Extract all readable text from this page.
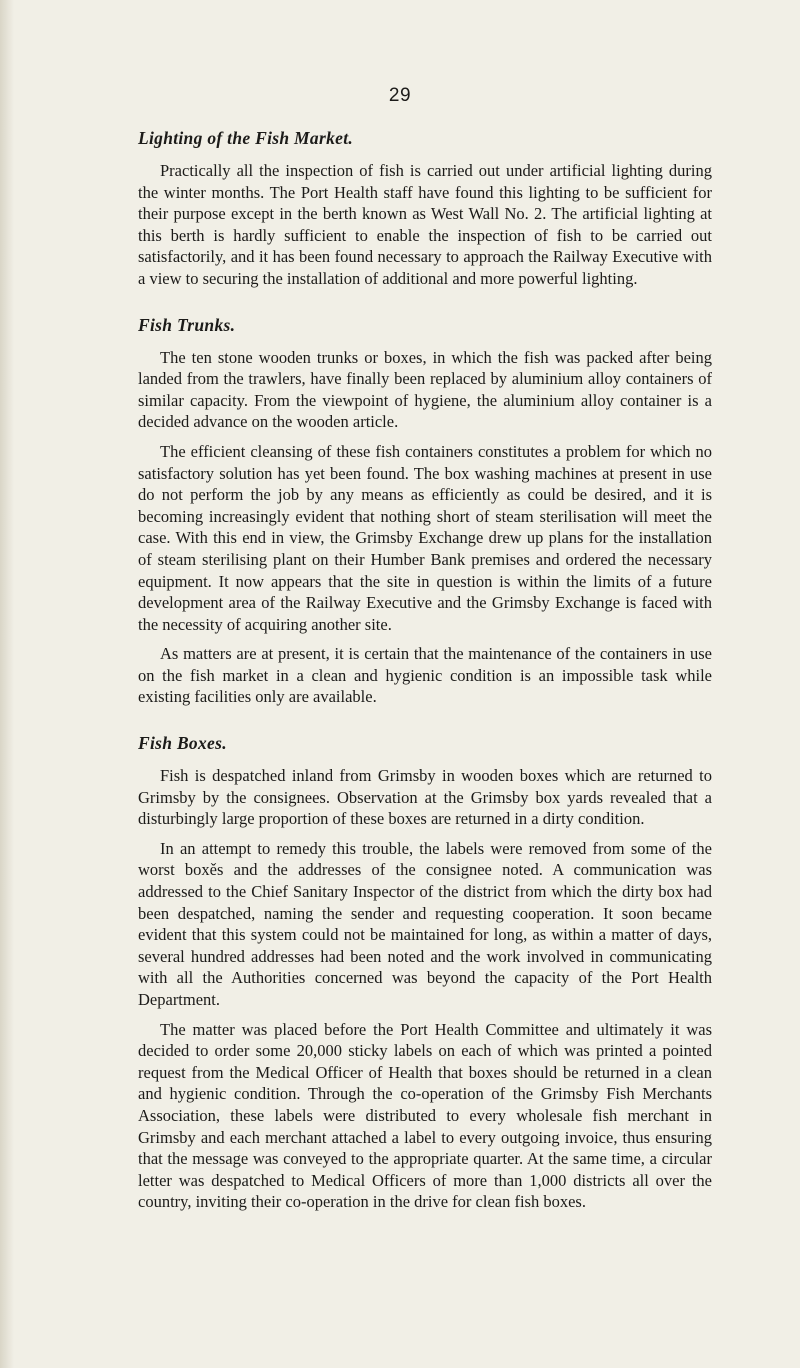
29
Lighting of the Fish Market.

Practically all the inspection of fish is carried out under artificial lighting during the winter months. The Port Health staff have found this lighting to be sufficient for their purpose except in the berth known as West Wall No. 2. The artificial lighting at this berth is hardly sufficient to enable the inspection of fish to be carried out satisfactorily, and it has been found necessary to approach the Railway Executive with a view to securing the installation of additional and more powerful lighting.

Fish Trunks.

The ten stone wooden trunks or boxes, in which the fish was packed after being landed from the trawlers, have finally been replaced by aluminium alloy containers of similar capacity. From the viewpoint of hygiene, the aluminium alloy container is a decided advance on the wooden article.

The efficient cleansing of these fish containers constitutes a problem for which no satisfactory solution has yet been found. The box washing machines at present in use do not perform the job by any means as efficiently as could be desired, and it is becoming increasingly evident that nothing short of steam sterilisation will meet the case. With this end in view, the Grimsby Exchange drew up plans for the installation of steam sterilising plant on their Humber Bank premises and ordered the necessary equipment. It now appears that the site in question is within the limits of a future development area of the Railway Executive and the Grimsby Exchange is faced with the necessity of acquiring another site.

As matters are at present, it is certain that the maintenance of the containers in use on the fish market in a clean and hygienic condition is an impossible task while existing facilities only are available.

Fish Boxes.

Fish is despatched inland from Grimsby in wooden boxes which are returned to Grimsby by the consignees. Observation at the Grimsby box yards revealed that a disturbingly large proportion of these boxes are returned in a dirty condition.

In an attempt to remedy this trouble, the labels were removed from some of the worst boxěs and the addresses of the consignee noted. A communication was addressed to the Chief Sanitary Inspector of the district from which the dirty box had been despatched, naming the sender and requesting cooperation. It soon became evident that this system could not be maintained for long, as within a matter of days, several hundred addresses had been noted and the work involved in communicating with all the Authorities concerned was beyond the capacity of the Port Health Department.

The matter was placed before the Port Health Committee and ultimately it was decided to order some 20,000 sticky labels on each of which was printed a pointed request from the Medical Officer of Health that boxes should be returned in a clean and hygienic condition. Through the co-operation of the Grimsby Fish Merchants Association, these labels were distributed to every wholesale fish merchant in Grimsby and each merchant attached a label to every outgoing invoice, thus ensuring that the message was conveyed to the appropriate quarter. At the same time, a circular letter was despatched to Medical Officers of more than 1,000 districts all over the country, inviting their co-operation in the drive for clean fish boxes.
